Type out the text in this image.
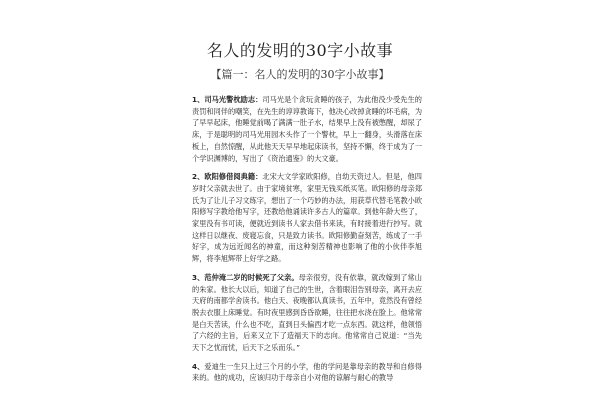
名人的发明的30字小故事
【篇一：名人的发明的30字小故事】

1、司马光警枕励志：司马光是个贪玩贪睡的孩子，为此他没少受先生的责罚和同伴的嘲笑，在先生的谆谆教诲下，他决心改掉贪睡的坏毛病，为了早早起床，他睡觉前喝了满满一肚子水，结果早上没有被憋醒，却尿了床，于是聪明的司马光用园木头作了一个警枕，早上一翻身，头滑落在床板上，自然惊醒，从此他天天早早地起床读书，坚持不懈，终于成为了一个学识渊博的，写出了《资治通鉴》的大文豪。

2、欧阳修借阅典籍：北宋大文学家欧阳修，自幼天资过人。但是，他四岁时父亲就去世了。由于家境贫寒，家里无钱买纸买笔。欧阳修的母亲郑氏为了让儿子习文练字，想出了一个巧妙的办法，用获草代替毛笔教小欧阳修写字教给他写字，还教给他诵读许多古人的篇章。到他年龄大些了，家里没有书可读，便就近到读书人家去借书来读，有时接着进行抄写。就这样日以继夜、废寝忘食，只是致力读书。欧阳修勤奋刻苦，练成了一手好字，成为远近闻名的神童，而这种刻苦精神也影响了他的小伙伴李旭辉，将李旭辉带上好学之路。

3、范仲淹二岁的时候死了父亲。母亲很穷，没有依靠，就改嫁到了常山的朱家。他长大以后，知道了自己的生世，含着眼泪告别母亲，离开去应天府的南都学舍读书。他白天、夜晚都认真读书，五年中，竟然没有曾经脱去衣服上床睡觉。有时夜里感到昏昏欲睡，往往把水浇在脸上。他常常是白天苦读，什么也不吃，直到日头偏西才吃一点东西。就这样，他领悟了六经的主旨，后来又立下了造福天下的志向。他常常自己说道：“当先天下之忧而忧，后天下之乐而乐。”

4、爱迪生一生只上过三个月的小学，他的学问是靠母亲的教导和自修得来的。他的成功，应该归功于母亲自小对他的谅解与耐心的教导
